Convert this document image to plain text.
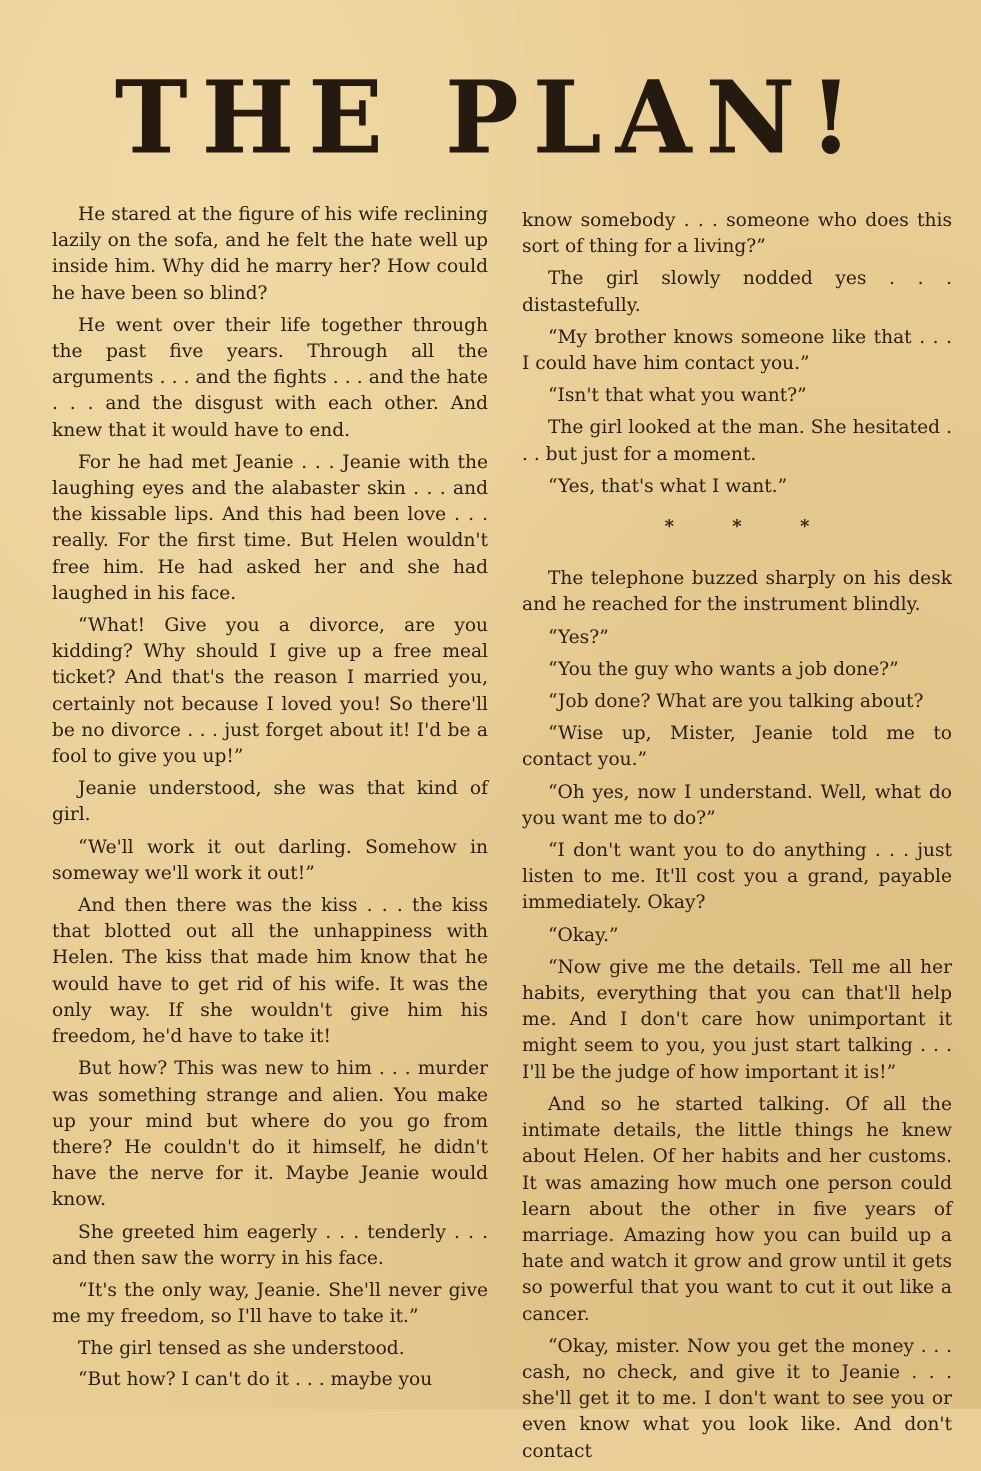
THE PLAN!

He stared at the figure of his wife reclining lazily on the sofa, and he felt the hate well up inside him. Why did he marry her? How could he have been so blind?

He went over their life together through the past five years. Through all the arguments . . . and the fights . . . and the hate . . . and the disgust with each other. And knew that it would have to end.

For he had met Jeanie . . . Jeanie with the laughing eyes and the alabaster skin . . . and the kissable lips. And this had been love . . . really. For the first time. But Helen wouldn't free him. He had asked her and she had laughed in his face.

“What! Give you a divorce, are you kidding? Why should I give up a free meal ticket? And that's the reason I married you, certainly not because I loved you! So there'll be no divorce . . . just forget about it! I'd be a fool to give you up!”

Jeanie understood, she was that kind of girl.

“We'll work it out darling. Somehow in someway we'll work it out!”

And then there was the kiss . . . the kiss that blotted out all the unhappiness with Helen. The kiss that made him know that he would have to get rid of his wife. It was the only way. If she wouldn't give him his freedom, he'd have to take it!

But how? This was new to him . . . murder was something strange and alien. You make up your mind but where do you go from there? He couldn't do it himself, he didn't have the nerve for it. Maybe Jeanie would know.

She greeted him eagerly . . . tenderly . . . and then saw the worry in his face.

“It's the only way, Jeanie. She'll never give me my freedom, so I'll have to take it.”

The girl tensed as she understood.

“But how? I can't do it . . . maybe you

know somebody . . . someone who does this sort of thing for a living?”

The girl slowly nodded yes . . . distastefully.

“My brother knows someone like that . . . I could have him contact you.”

“Isn't that what you want?”

The girl looked at the man. She hesitated . . . but just for a moment.

“Yes, that's what I want.”

* * *

The telephone buzzed sharply on his desk and he reached for the instrument blindly.

“Yes?”

“You the guy who wants a job done?”

“Job done? What are you talking about?

“Wise up, Mister, Jeanie told me to contact you.”

“Oh yes, now I understand. Well, what do you want me to do?”

“I don't want you to do anything . . . just listen to me. It'll cost you a grand, payable immediately. Okay?

“Okay.”

“Now give me the details. Tell me all her habits, everything that you can that'll help me. And I don't care how unimportant it might seem to you, you just start talking . . . I'll be the judge of how important it is!”

And so he started talking. Of all the intimate details, the little things he knew about Helen. Of her habits and her customs. It was amazing how much one person could learn about the other in five years of marriage. Amazing how you can build up a hate and watch it grow and grow until it gets so powerful that you want to cut it out like a cancer.

“Okay, mister. Now you get the money . . . cash, no check, and give it to Jeanie . . . she'll get it to me. I don't want to see you or even know what you look like. And don't contact
